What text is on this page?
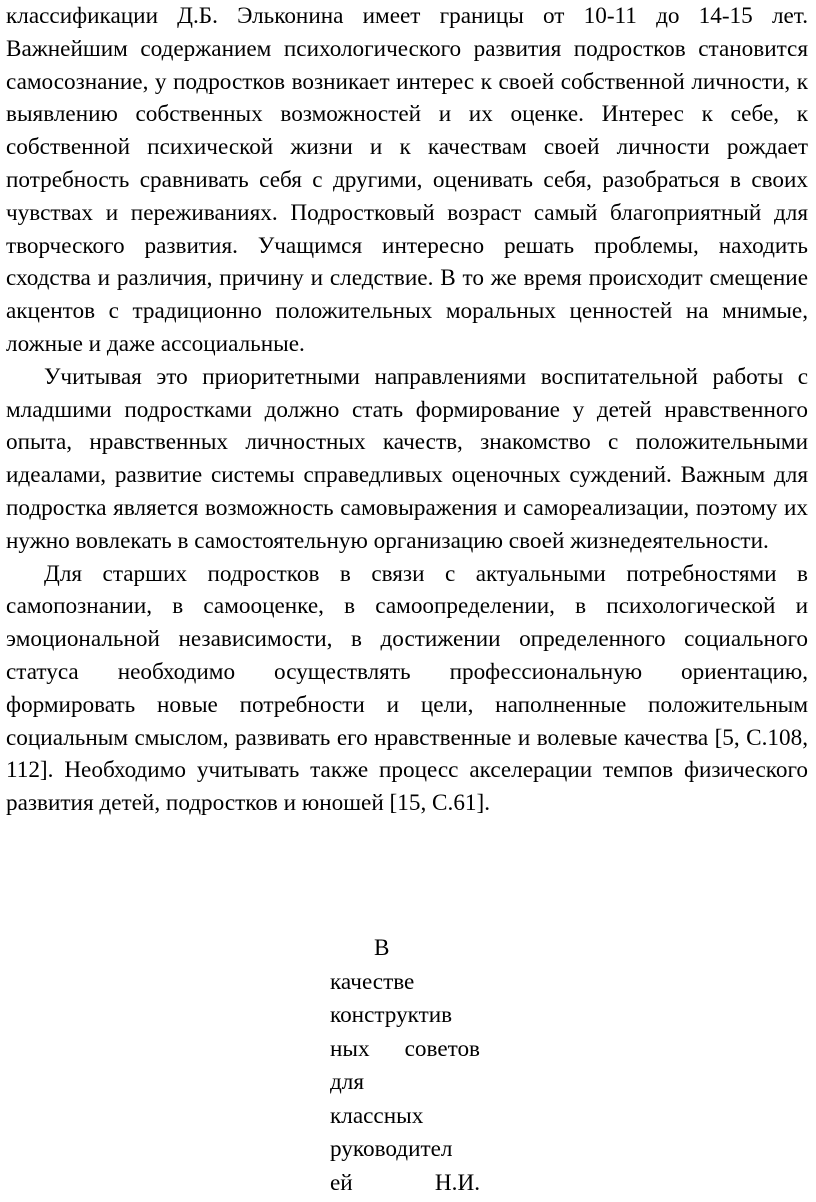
классификации Д.Б. Эльконина имеет границы от 10-11 до 14-15 лет. Важнейшим содержанием психологического развития подростков становится самосознание, у подростков возникает интерес к своей собственной личности, к выявлению собственных возможностей и их оценке. Интерес к себе, к собственной психической жизни и к качествам своей личности рождает потребность сравнивать себя с другими, оценивать себя, разобраться в своих чувствах и переживаниях. Подростковый возраст самый благоприятный для творческого развития. Учащимся интересно решать проблемы, находить сходства и различия, причину и следствие. В то же время происходит смещение акцентов с традиционно положительных моральных ценностей на мнимые, ложные и даже ассоциальные.

Учитывая это приоритетными направлениями воспитательной работы с младшими подростками должно стать формирование у детей нравственного опыта, нравственных личностных качеств, знакомство с положительными идеалами, развитие системы справедливых оценочных суждений. Важным для подростка является возможность самовыражения и самореализации, поэтому их нужно вовлекать в самостоятельную организацию своей жизнедеятельности.

Для старших подростков в связи с актуальными потребностями в самопознании, в самооценке, в самоопределении, в психологической и эмоциональной независимости, в достижении определенного социального статуса необходимо осуществлять профессиональную ориентацию, формировать новые потребности и цели, наполненные положительным социальным смыслом, развивать его нравственные и волевые качества [5, С.108, 112]. Необходимо учитывать также процесс акселерации темпов физического развития детей, подростков и юношей [15, С.61].

В
качестве
конструктив
ных советов
для
классных
руководител
ей Н.И.
